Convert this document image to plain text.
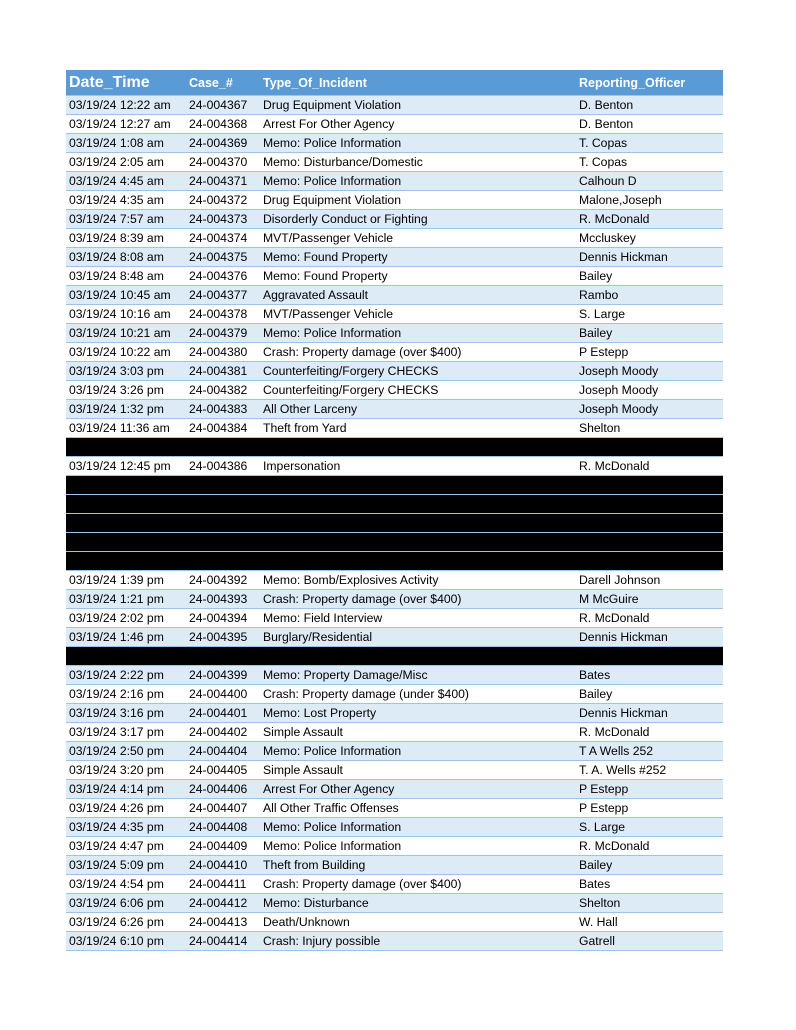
Date_Time	Case_#	Type_Of_Incident	Reporting_Officer
03/19/24 12:22 am	24-004367	Drug Equipment Violation	D. Benton
03/19/24 12:27 am	24-004368	Arrest For Other Agency	D. Benton
03/19/24 1:08 am	24-004369	Memo: Police Information	T. Copas
03/19/24 2:05 am	24-004370	Memo: Disturbance/Domestic	T. Copas
03/19/24 4:45 am	24-004371	Memo: Police Information	Calhoun D
03/19/24 4:35 am	24-004372	Drug Equipment Violation	Malone,Joseph
03/19/24 7:57 am	24-004373	Disorderly Conduct or Fighting	R. McDonald
03/19/24 8:39 am	24-004374	MVT/Passenger Vehicle	Mccluskey
03/19/24 8:08 am	24-004375	Memo: Found Property	Dennis Hickman
03/19/24 8:48 am	24-004376	Memo: Found Property	Bailey
03/19/24 10:45 am	24-004377	Aggravated Assault	Rambo
03/19/24 10:16 am	24-004378	MVT/Passenger Vehicle	S. Large
03/19/24 10:21 am	24-004379	Memo: Police Information	Bailey
03/19/24 10:22 am	24-004380	Crash: Property damage (over $400)	P Estepp
03/19/24 3:03 pm	24-004381	Counterfeiting/Forgery CHECKS	Joseph Moody
03/19/24 3:26 pm	24-004382	Counterfeiting/Forgery CHECKS	Joseph Moody
03/19/24 1:32 pm	24-004383	All Other Larceny	Joseph Moody
03/19/24 11:36 am	24-004384	Theft from Yard	Shelton

03/19/24 12:45 pm	24-004386	Impersonation	R. McDonald

03/19/24 1:39 pm	24-004392	Memo: Bomb/Explosives Activity	Darell Johnson
03/19/24 1:21 pm	24-004393	Crash: Property damage (over $400)	M McGuire
03/19/24 2:02 pm	24-004394	Memo: Field Interview	R. McDonald
03/19/24 1:46 pm	24-004395	Burglary/Residential	Dennis Hickman

03/19/24 2:22 pm	24-004399	Memo: Property Damage/Misc	Bates
03/19/24 2:16 pm	24-004400	Crash: Property damage (under $400)	Bailey
03/19/24 3:16 pm	24-004401	Memo: Lost Property	Dennis Hickman
03/19/24 3:17 pm	24-004402	Simple Assault	R. McDonald
03/19/24 2:50 pm	24-004404	Memo: Police Information	T A Wells 252
03/19/24 3:20 pm	24-004405	Simple Assault	T. A. Wells #252
03/19/24 4:14 pm	24-004406	Arrest For Other Agency	P Estepp
03/19/24 4:26 pm	24-004407	All Other Traffic Offenses	P Estepp
03/19/24 4:35 pm	24-004408	Memo: Police Information	S. Large
03/19/24 4:47 pm	24-004409	Memo: Police Information	R. McDonald
03/19/24 5:09 pm	24-004410	Theft from Building	Bailey
03/19/24 4:54 pm	24-004411	Crash: Property damage (over $400)	Bates
03/19/24 6:06 pm	24-004412	Memo: Disturbance	Shelton
03/19/24 6:26 pm	24-004413	Death/Unknown	W. Hall
03/19/24 6:10 pm	24-004414	Crash: Injury possible	Gatrell
